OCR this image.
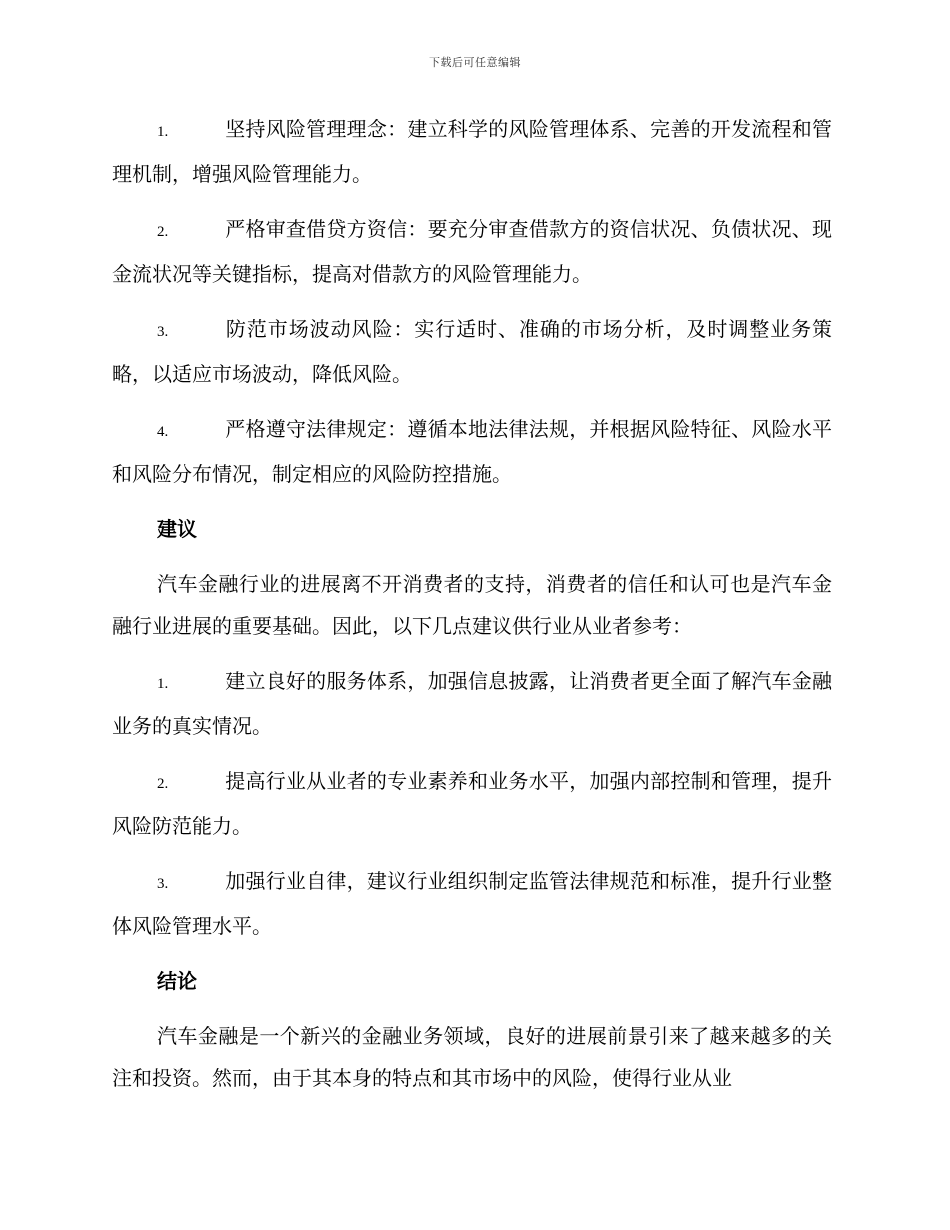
下载后可任意编辑

1.	坚持风险管理理念：建立科学的风险管理体系、完善的开发流程和管理机制，增强风险管理能力。

2.	严格审查借贷方资信：要充分审查借款方的资信状况、负债状况、现金流状况等关键指标，提高对借款方的风险管理能力。

3.	防范市场波动风险：实行适时、准确的市场分析，及时调整业务策略，以适应市场波动，降低风险。

4.	严格遵守法律规定：遵循本地法律法规，并根据风险特征、风险水平和风险分布情况，制定相应的风险防控措施。

建议

汽车金融行业的进展离不开消费者的支持，消费者的信任和认可也是汽车金融行业进展的重要基础。因此，以下几点建议供行业从业者参考：

1.	建立良好的服务体系，加强信息披露，让消费者更全面了解汽车金融业务的真实情况。

2.	提高行业从业者的专业素养和业务水平，加强内部控制和管理，提升风险防范能力。

3.	加强行业自律，建议行业组织制定监管法律规范和标准，提升行业整体风险管理水平。

结论

汽车金融是一个新兴的金融业务领域，良好的进展前景引来了越来越多的关注和投资。然而，由于其本身的特点和其市场中的风险，使得行业从业
